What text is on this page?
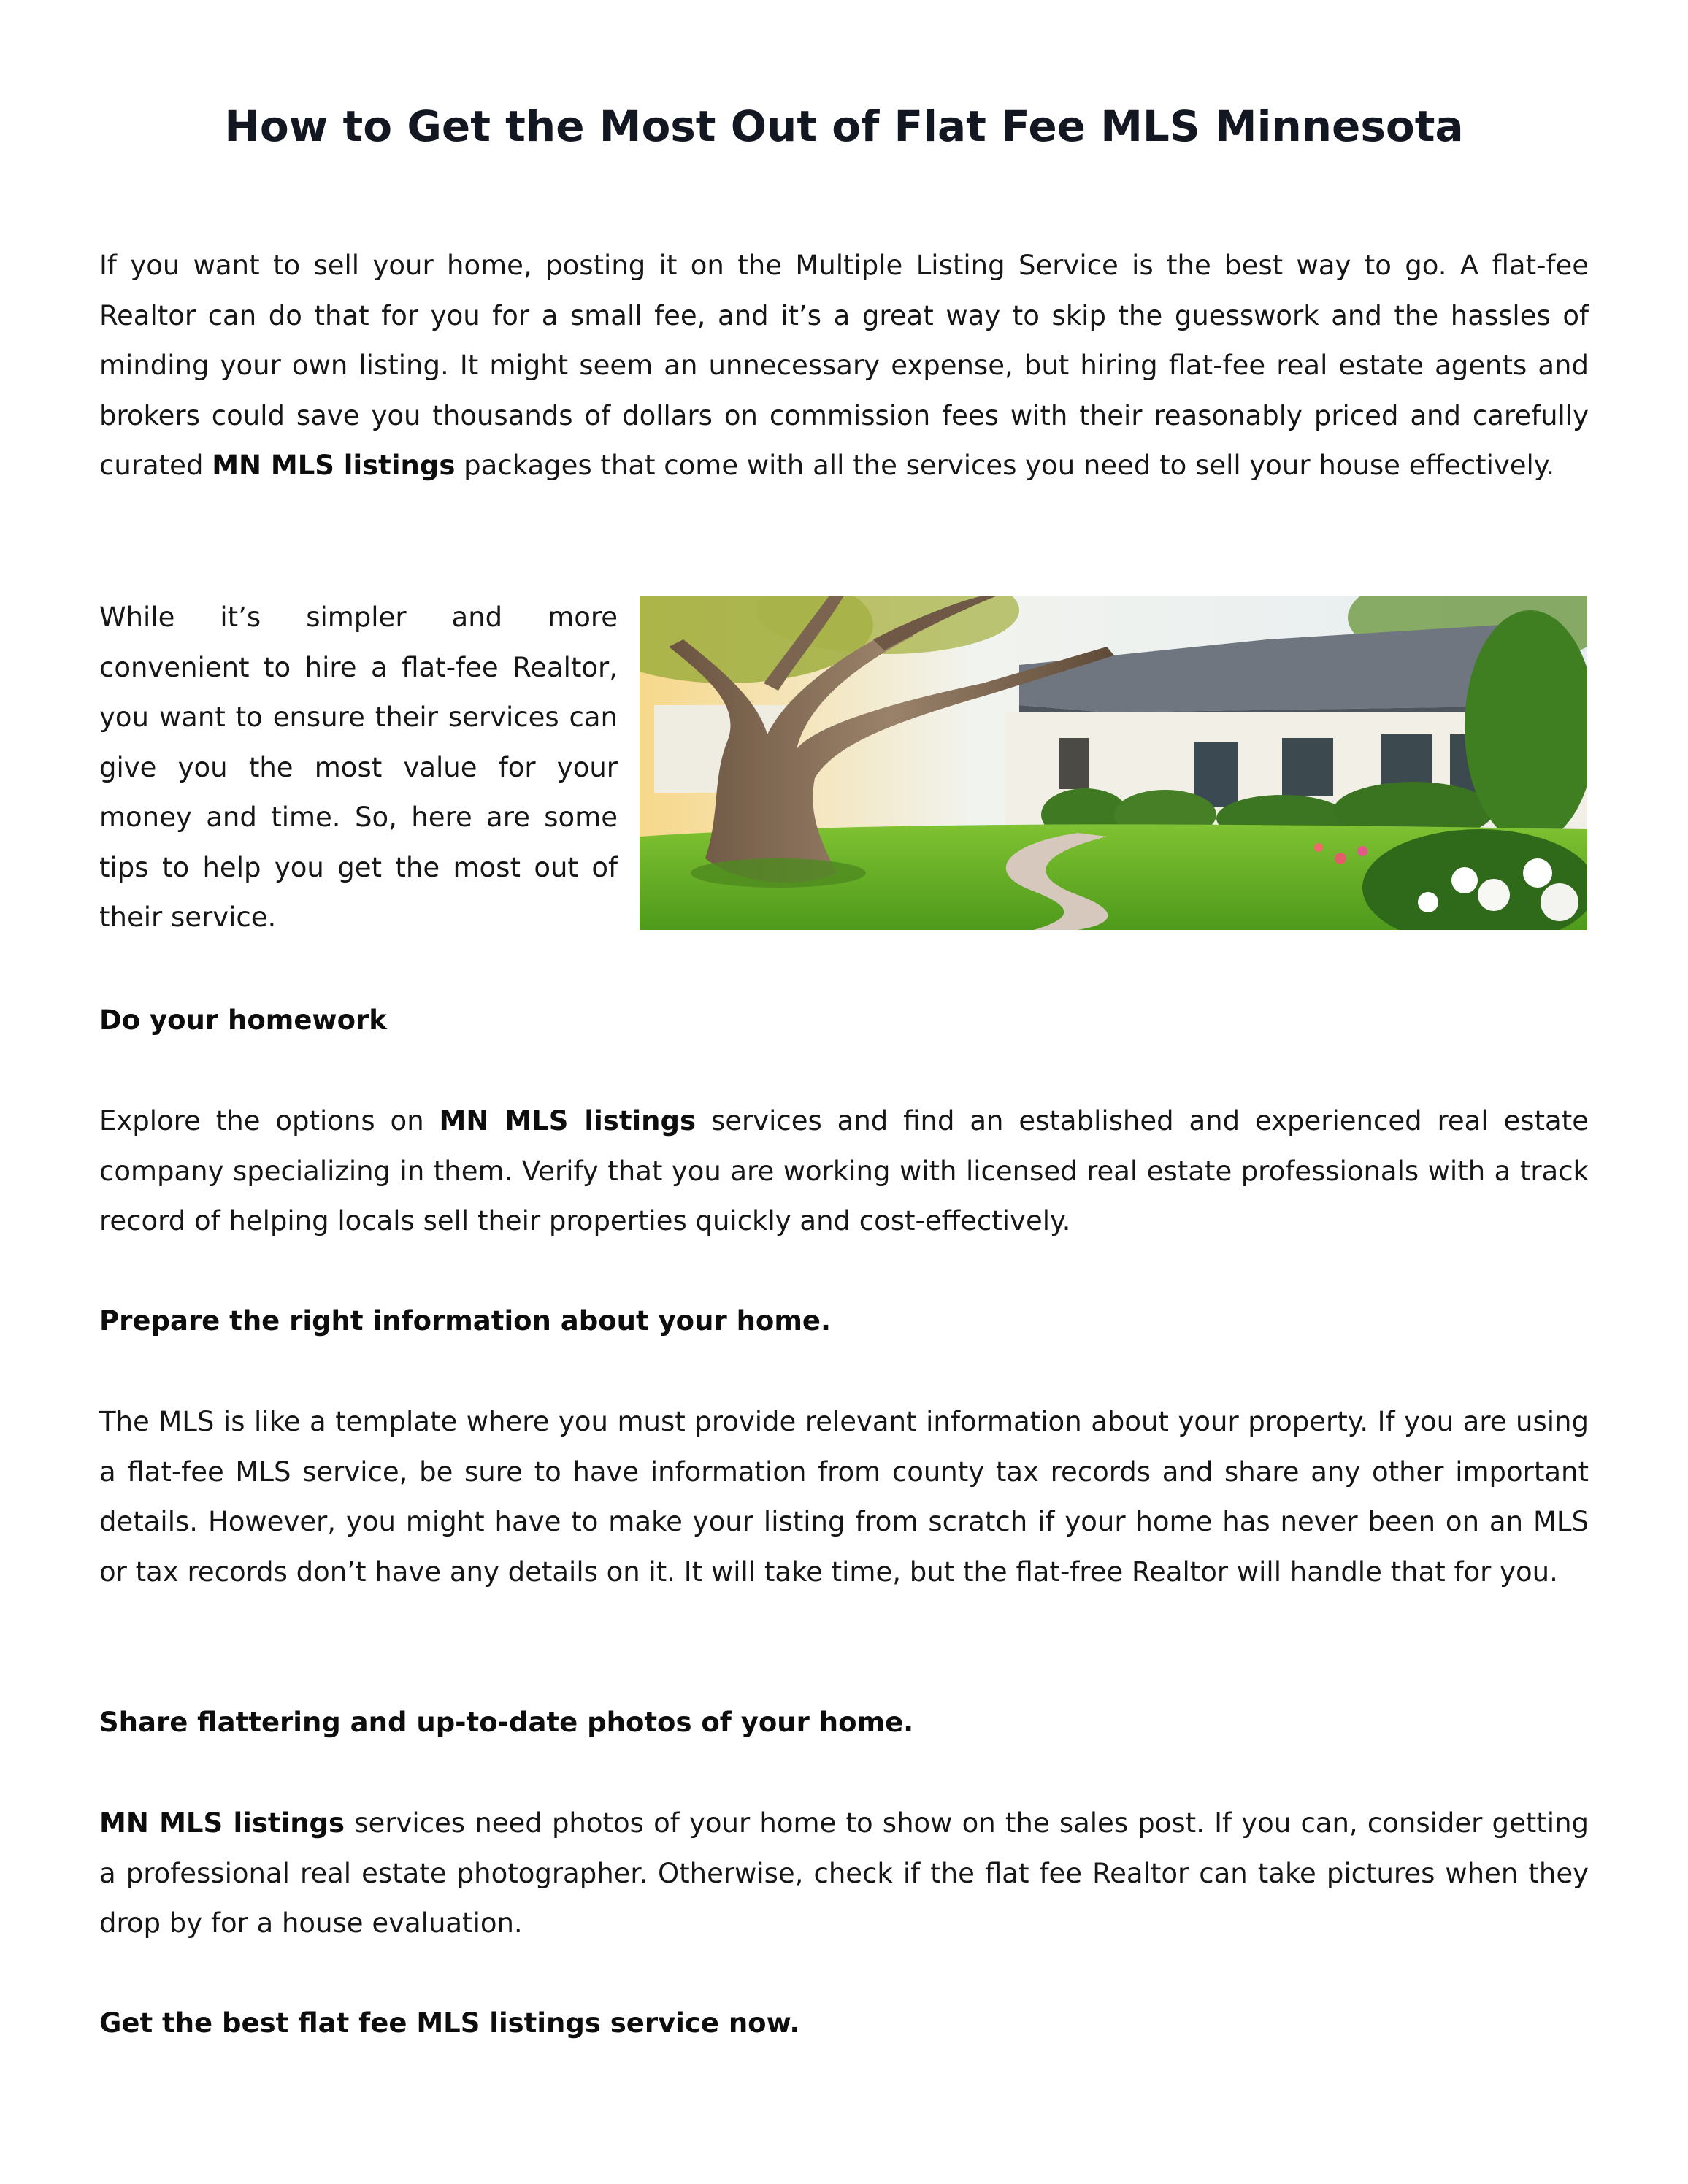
How to Get the Most Out of Flat Fee MLS Minnesota

If you want to sell your home, posting it on the Multiple Listing Service is the best way to go. A flat-fee Realtor can do that for you for a small fee, and it’s a great way to skip the guesswork and the hassles of minding your own listing. It might seem an unnecessary expense, but hiring flat-fee real estate agents and brokers could save you thousands of dollars on commission fees with their reasonably priced and carefully curated MN MLS listings packages that come with all the services you need to sell your house effectively.

While it’s simpler and more convenient to hire a flat-fee Realtor, you want to ensure their services can give you the most value for your money and time. So, here are some tips to help you get the most out of their service.

Do your homework

Explore the options on MN MLS listings services and find an established and experienced real estate company specializing in them. Verify that you are working with licensed real estate professionals with a track record of helping locals sell their properties quickly and cost-effectively.

Prepare the right information about your home.

The MLS is like a template where you must provide relevant information about your property. If you are using a flat-fee MLS service, be sure to have information from county tax records and share any other important details. However, you might have to make your listing from scratch if your home has never been on an MLS or tax records don’t have any details on it. It will take time, but the flat-free Realtor will handle that for you.

Share flattering and up-to-date photos of your home.

MN MLS listings services need photos of your home to show on the sales post. If you can, consider getting a professional real estate photographer. Otherwise, check if the flat fee Realtor can take pictures when they drop by for a house evaluation.

Get the best flat fee MLS listings service now.
